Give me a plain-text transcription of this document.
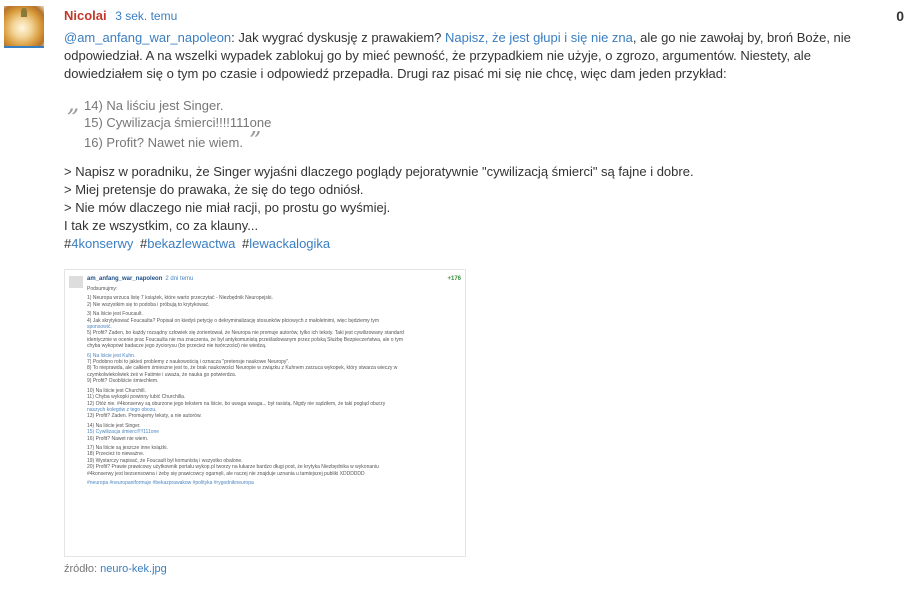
Nicolai 3 sek. temu	0

@am_anfang_war_napoleon: Jak wygrać dyskusję z prawakiem? Napisz, że jest głupi i się nie zna, ale go nie zawołaj by, broń Boże, nie odpowiedział. A na wszelki wypadek zablokuj go by mieć pewność, że przypadkiem nie użyje, o zgrozo, argumentów. Niestety, ale dowiedziałem się o tym po czasie i odpowiedź przepadła. Drugi raz pisać mi się nie chcę, więc dam jeden przykład:

„ 14) Na liściu jest Singer.
15) Cywilizacja śmierci!!!!111one
16) Profit? Nawet nie wiem. ”

> Napisz w poradniku, że Singer wyjaśni dlaczego poglądy pejoratywnie "cywilizacją śmierci" są fajne i dobre.

> Miej pretensje do prawaka, że się do tego odniósł.

> Nie mów dlaczego nie miał racji, po prostu go wyśmiej.

I tak ze wszystkim, co za klauny...

#4konserwy #bekazlewactwa #lewackalogika

am_anfang_war_napoleon 2 dni temu	+176
Podsumujmy:
1) Neuropa wrzuca listę 7 książek, które warto przeczytać - Niezbędnik Neuropejski.
2) Nie wszystkim się to podoba i próbują to krytykować.
3) Na liście jest Foucault.
4) Jak skrytykować Foucaulta? Popisał on kiedyś petycję o dekryminalizację stosunków płciowych z małoletnimi, więc będziemy tym
sponsowić.
5) Profit? Żaden, bo każdy rozsądny człowiek się zorientował, że Neuropa nie promuje autorów, tylko ich teksty. Taki jest cywilizowany standard
identycznie w ocenie prac Foucaulta nie ma znaczenia, że był antykomunistą prześladowanym przez polską Służbę Bezpieczeństwa, ale o tym
chyba wykopowi badacze jego życiorysu (bo przecież nie twórczości) nie wiedzą.
6) Na liście jest Kuhn.
7) Podobno robi to jakieś problemy z naukowością i oznacza "pretensje naukowe Neuropy".
8) To nieprawda, ale całkiem śmieszne jest to, że brak naukowości Neuropie w związku z Kuhnem zarzuca wykopek, który stwarza wieczy w
czymkolwiekolwiek żeś w Fatimie i uważa, że nauka go potwierdza.
9) Profit? Osobliście śmiechłem.
10) Na liście jest Churchill.
11) Chyba wykopki powinny lubić Churchilla.
12) Otóż nie. #4konserwy są oburzone jego tekstem na liście, bo uwaga uwaga... był rasistą. Nigdy nie sądziłem, że taki pogląd oburzy
naszych kolegów z tego obozu.
13) Profit? Żaden. Promujemy teksty, a nie autorów.
14) Na liście jest Singer.
15) Cywilizacja śmierci!!!!111one
16) Profit? Nawet nie wiem.
17) Na liście są jeszcze inne książki.
18) Przecież to nieważne.
19) Wystarczy napisać, że Foucault był komunistą i wszystko obalone.
20) Profit? Prawie prawicowy użytkownik portalu wykop.pl tworzy na łukarze bardzo długi post, że krytyka Niezbędnika w wykonaniu
#4konserwy jest bezsensowna i żeby się prawicowcy ogarnęli, ale raczej nie znajduje uznania u tamtejszej publiki XDDDDDD
#neuropa #neuropaniformuje #bekazprawakow #polityka #rygodnikneuropa
źródło: neuro-kek.jpg
